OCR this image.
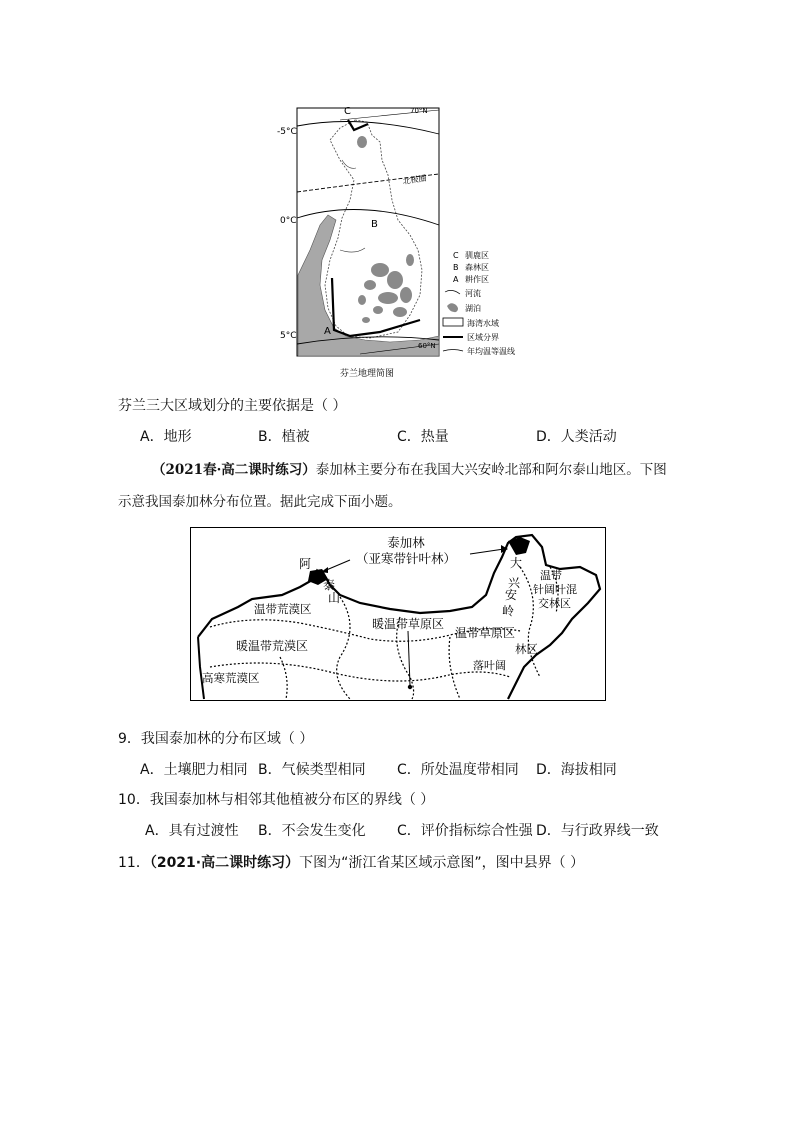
C
B
A
-5°C
0°C
5°C
70°N
60°N
北极圈
C 驯鹿区
B 森林区
A 耕作区
河流
湖泊
海湾水域
区域分界
年均温等温线
芬兰地理简图
芬兰三大区域划分的主要依据是（ ）
A．地形	B．植被	C．热量	D．人类活动
（2021春·高二课时练习）泰加林主要分布在我国大兴安岭北部和阿尔泰山地区。下图
示意我国泰加林分布位置。据此完成下面小题。
泰加林
（亚寒带针叶林）
阿
尔
泰
山
大
兴
安
岭
温带
针阔叶混
交林区
温带荒漠区
暖温带荒漠区
暖温带草原区
温带草原区
林区
落叶阔
高寒荒漠区
9．我国泰加林的分布区域（ ）
A．土壤肥力相同 B．气候类型相同 C．所处温度带相同 D．海拔相同
10．我国泰加林与相邻其他植被分布区的界线（ ）
A．具有过渡性 B．不会发生变化 C．评价指标综合性强 D．与行政界线一致
11．（2021·高二课时练习）下图为“浙江省某区域示意图”，图中县界（ ）
